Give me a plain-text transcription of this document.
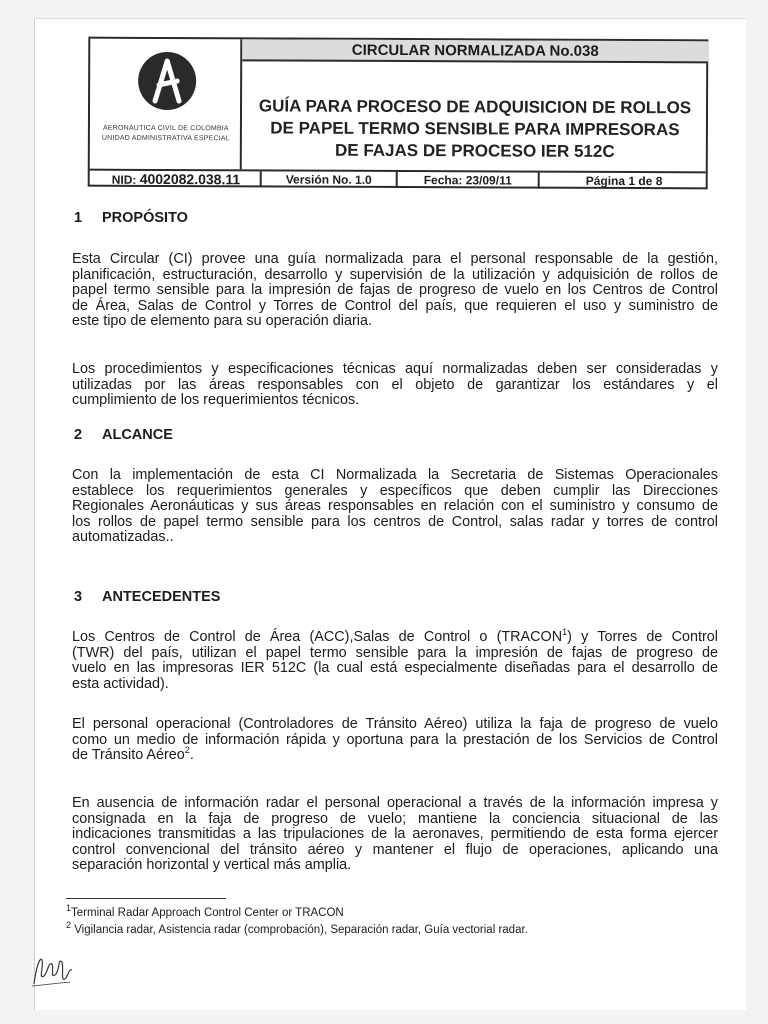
AERONÁUTICA CIVIL DE COLOMBIA
UNIDAD ADMINISTRATIVA ESPECIAL
CIRCULAR NORMALIZADA No.038
GUÍA PARA PROCESO DE ADQUISICION DE ROLLOS
DE PAPEL TERMO SENSIBLE PARA IMPRESORAS
DE FAJAS DE PROCESO IER 512C
NID: 4002082.038.11	Versión No. 1.0	Fecha: 23/09/11	Página 1 de 8
1 PROPÓSITO
Esta Circular (CI) provee una guía normalizada para el personal responsable de la gestión,
planificación, estructuración, desarrollo y supervisión de la utilización y adquisición de rollos de
papel termo sensible para la impresión de fajas de progreso de vuelo en los Centros de Control
de Área, Salas de Control y Torres de Control del país, que requieren el uso y suministro de
este tipo de elemento para su operación diaria.
Los procedimientos y especificaciones técnicas aquí normalizadas deben ser consideradas y
utilizadas por las áreas responsables con el objeto de garantizar los estándares y el
cumplimiento de los requerimientos técnicos.
2 ALCANCE
Con la implementación de esta CI Normalizada la Secretaria de Sistemas Operacionales
establece los requerimientos generales y específicos que deben cumplir las Direcciones
Regionales Aeronáuticas y sus áreas responsables en relación con el suministro y consumo de
los rollos de papel termo sensible para los centros de Control, salas radar y torres de control
automatizadas..
3 ANTECEDENTES
Los Centros de Control de Área (ACC),Salas de Control o (TRACON$^1$) y Torres de Control
(TWR) del país, utilizan el papel termo sensible para la impresión de fajas de progreso de
vuelo en las impresoras IER 512C (la cual está especialmente diseñadas para el desarrollo de
esta actividad).
El personal operacional (Controladores de Tránsito Aéreo) utiliza la faja de progreso de vuelo
como un medio de información rápida y oportuna para la prestación de los Servicios de Control
de Tránsito Aéreo$^2$.
En ausencia de información radar el personal operacional a través de la información impresa y
consignada en la faja de progreso de vuelo; mantiene la conciencia situacional de las
indicaciones transmitidas a las tripulaciones de la aeronaves, permitiendo de esta forma ejercer
control convencional del tránsito aéreo y mantener el flujo de operaciones, aplicando una
separación horizontal y vertical más amplia.
$^1$Terminal Radar Approach Control Center or TRACON
$^2$ Vigilancia radar, Asistencia radar (comprobación), Separación radar, Guía vectorial radar.
